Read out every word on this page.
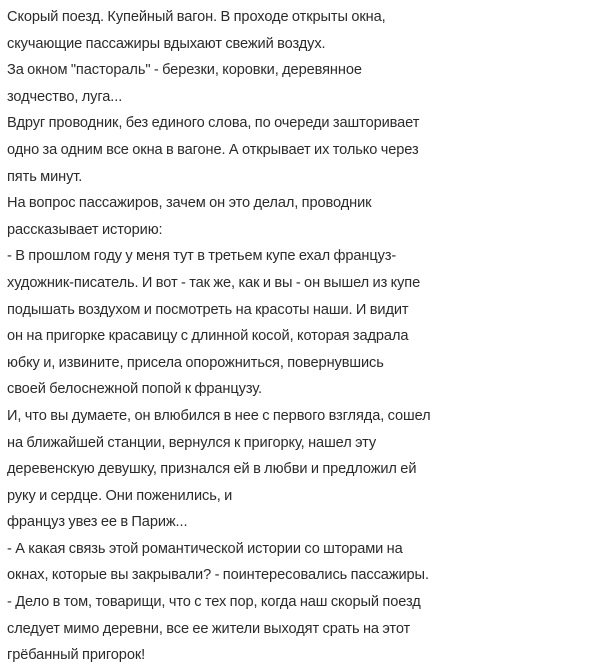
Скорый поезд. Купейный вагон. В проходе открыты окна,
скучающие пассажиры вдыхают свежий воздух.
За окном "пастораль" - березки, коровки, деревянное
зодчество, луга...
Вдруг проводник, без единого слова, по очереди зашторивает
одно за одним все окна в вагоне. А открывает их только через
пять минут.
На вопрос пассажиров, зачем он это делал, проводник
рассказывает историю:
- В прошлом году у меня тут в третьем купе ехал француз-
художник-писатель. И вот - так же, как и вы - он вышел из купе
подышать воздухом и посмотреть на красоты наши. И видит
он на пригорке красавицу с длинной косой, которая задрала
юбку и, извините, присела опорожниться, повернувшись
своей белоснежной попой к французу.
И, что вы думаете, он влюбился в нее с первого взгляда, сошел
на ближайшей станции, вернулся к пригорку, нашел эту
деревенскую девушку, признался ей в любви и предложил ей
руку и сердце. Они поженились, и
француз увез ее в Париж...
- А какая связь этой романтической истории со шторами на
окнах, которые вы закрывали? - поинтересовались пассажиры.
- Дело в том, товарищи, что с тех пор, когда наш скорый поезд
следует мимо деревни, все ее жители выходят срать на этот
грёбанный пригорок!
